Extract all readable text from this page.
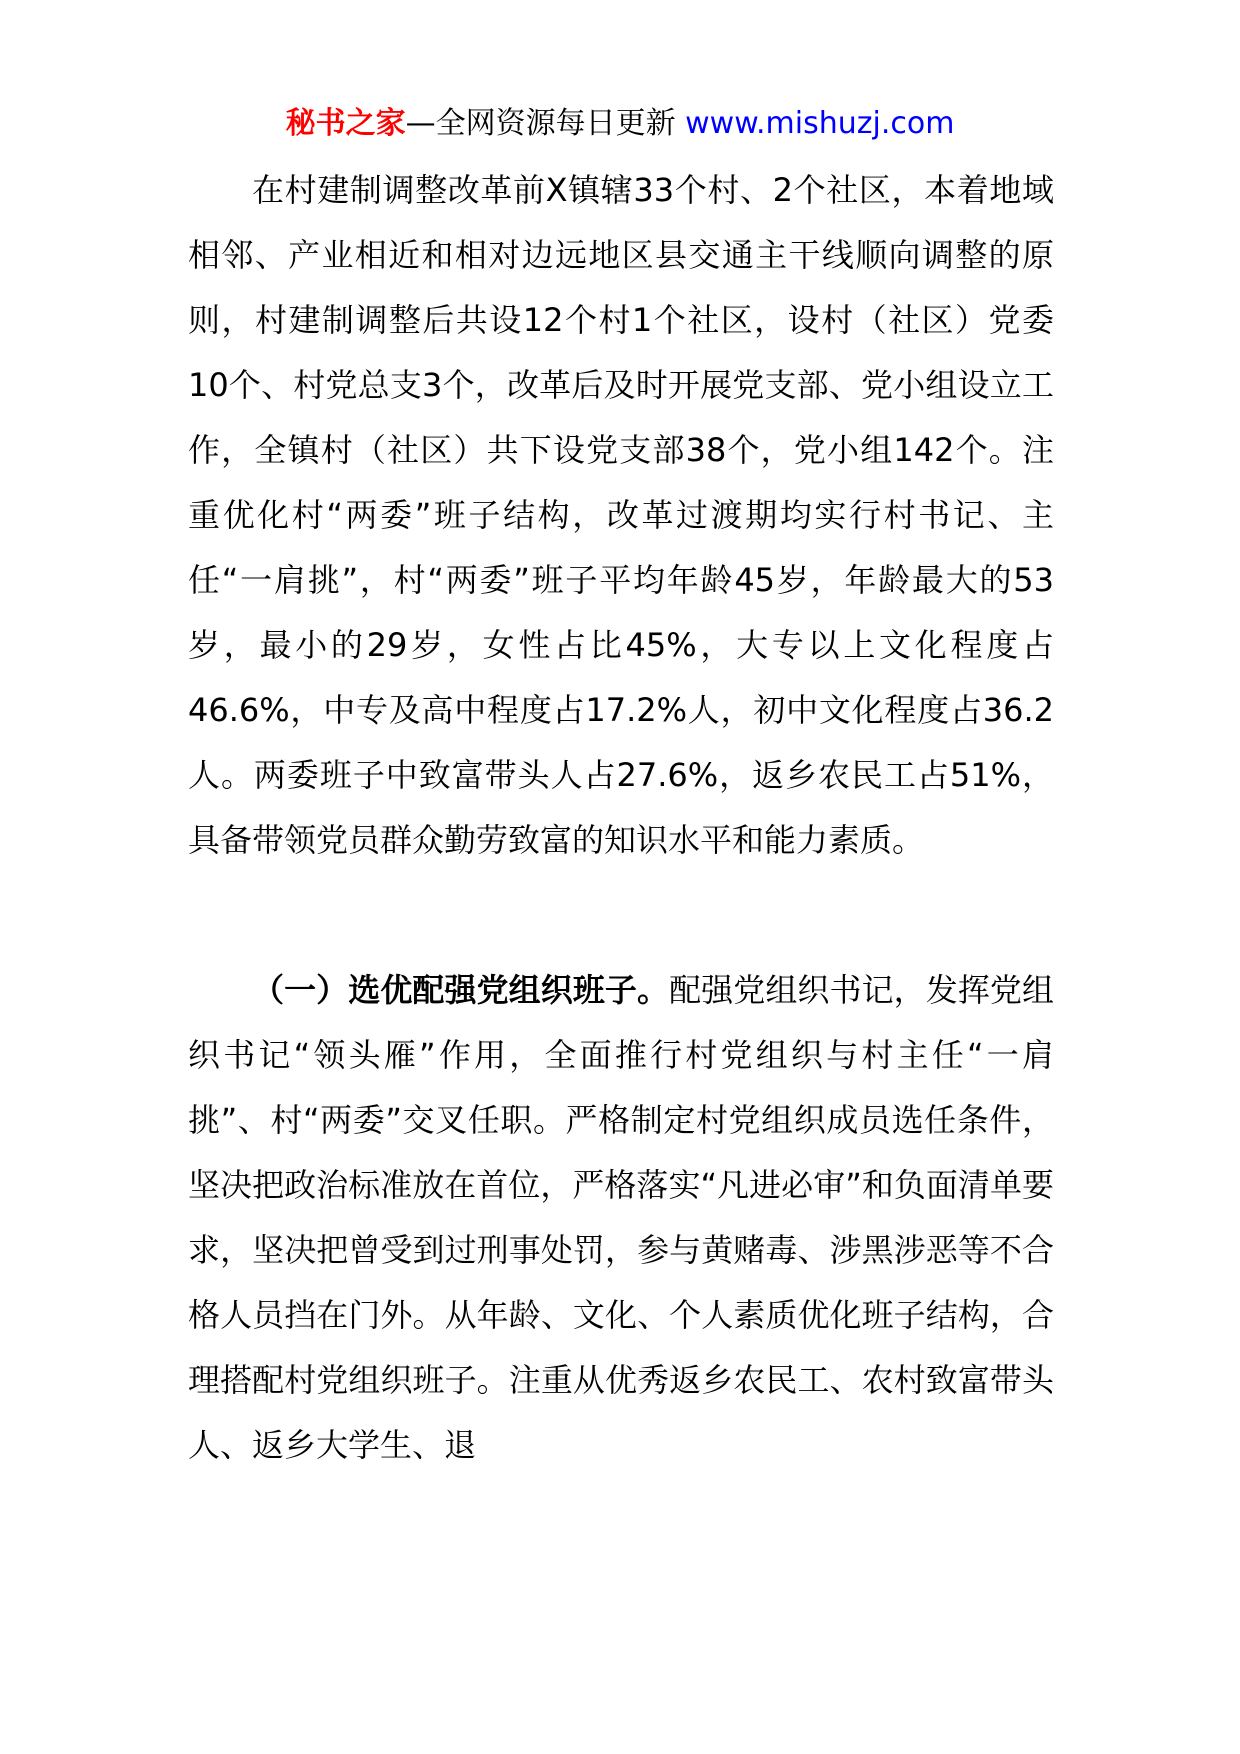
秘书之家—全网资源每日更新 www.mishuzj.com

在村建制调整改革前X镇辖33个村、2个社区，本着地域相邻、产业相近和相对边远地区县交通主干线顺向调整的原则，村建制调整后共设12个村1个社区，设村（社区）党委10个、村党总支3个，改革后及时开展党支部、党小组设立工作，全镇村（社区）共下设党支部38个，党小组142个。注重优化村“两委”班子结构，改革过渡期均实行村书记、主任“一肩挑”，村“两委”班子平均年龄45岁，年龄最大的53岁，最小的29岁，女性占比45%，大专以上文化程度占46.6%，中专及高中程度占17.2%人，初中文化程度占36.2人。两委班子中致富带头人占27.6%，返乡农民工占51%，具备带领党员群众勤劳致富的知识水平和能力素质。

（一）选优配强党组织班子。配强党组织书记，发挥党组织书记“领头雁”作用，全面推行村党组织与村主任“一肩挑”、村“两委”交叉任职。严格制定村党组织成员选任条件，坚决把政治标准放在首位，严格落实“凡进必审”和负面清单要求，坚决把曾受到过刑事处罚，参与黄赌毒、涉黑涉恶等不合格人员挡在门外。从年龄、文化、个人素质优化班子结构，合理搭配村党组织班子。注重从优秀返乡农民工、农村致富带头人、返乡大学生、退
